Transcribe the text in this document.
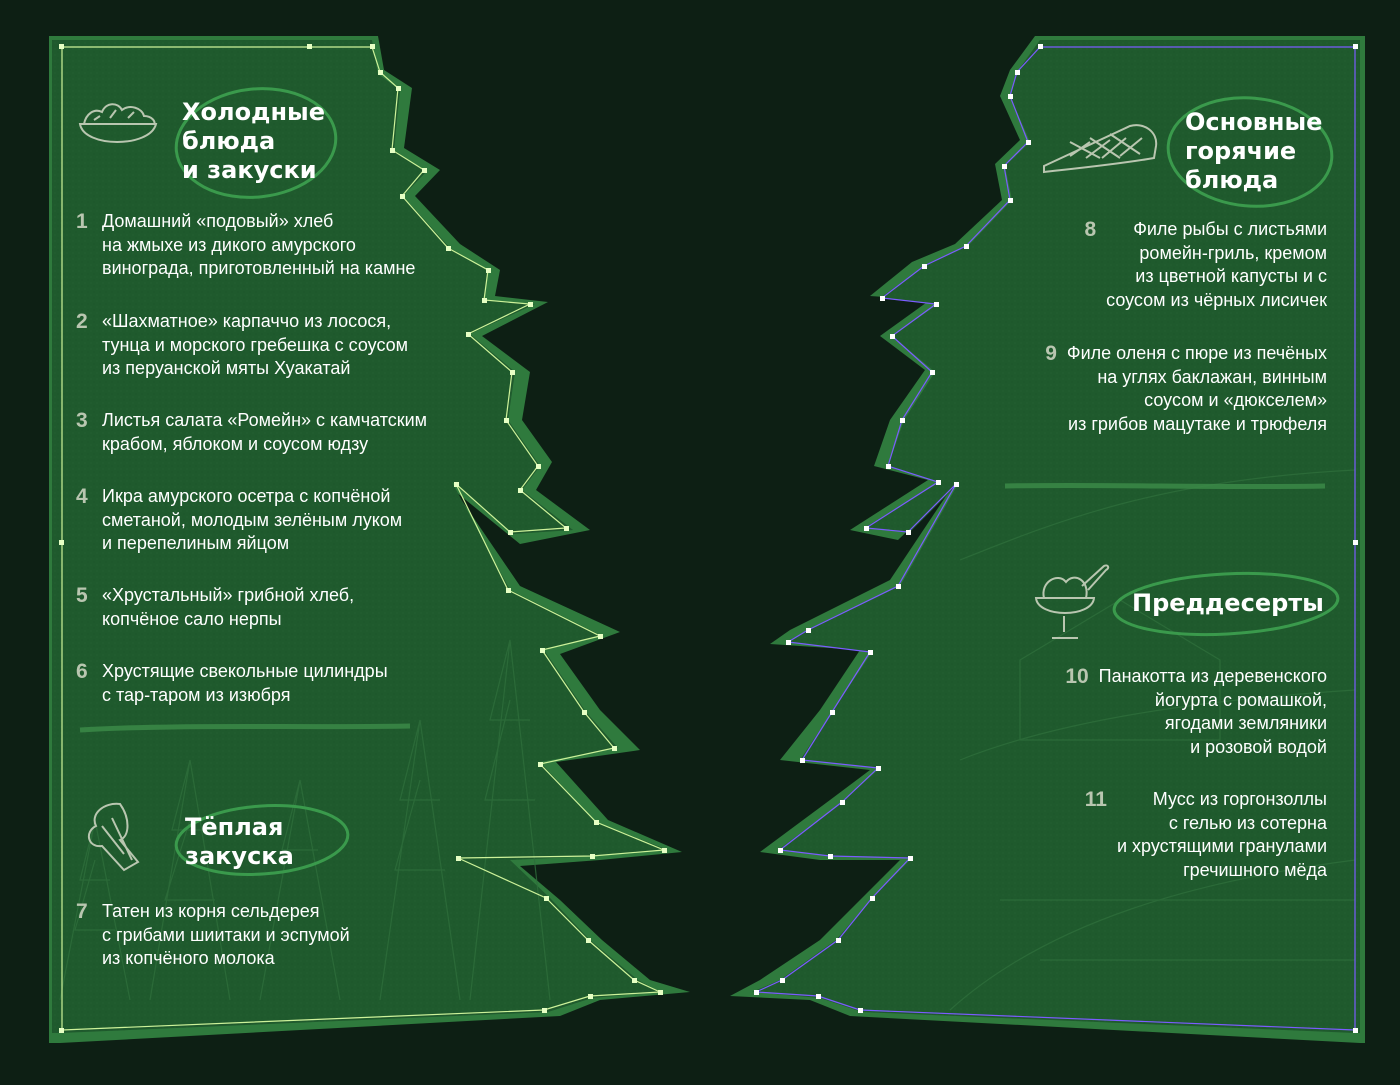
Холодные
блюда
и закуски
1 Домашний «подовый» хлеб
на жмыхе из дикого амурского
винограда, приготовленный на камне
2 «Шахматное» карпаччо из лосося,
тунца и морского гребешка с соусом
из перуанской мяты Хуакатай
3 Листья салата «Ромейн» с камчатским
крабом, яблоком и соусом юдзу
4 Икра амурского осетра с копчёной
сметаной, молодым зелёным луком
и перепелиным яйцом
5 «Хрустальный» грибной хлеб,
копчёное сало нерпы
6 Хрустящие свекольные цилиндры
с тар-таром из изюбря
Тёплая
закуска
7 Татен из корня сельдерея
с грибами шиитаки и эспумой
из копчёного молока
Основные
горячие
блюда
8	Филе рыбы с листьями
ромейн-гриль, кремом
из цветной капусты и с
соусом из чёрных лисичек
9 Филе оленя с пюре из печёных
на углях баклажан, винным
соусом и «дюкселем»
из грибов мацутаке и трюфеля
Преддесерты
10 Панакотта из деревенского
йогурта с ромашкой,
ягодами земляники
и розовой водой
11	Мусс из горгонзоллы
с гелью из сотерна
и хрустящими гранулами
гречишного мёда
